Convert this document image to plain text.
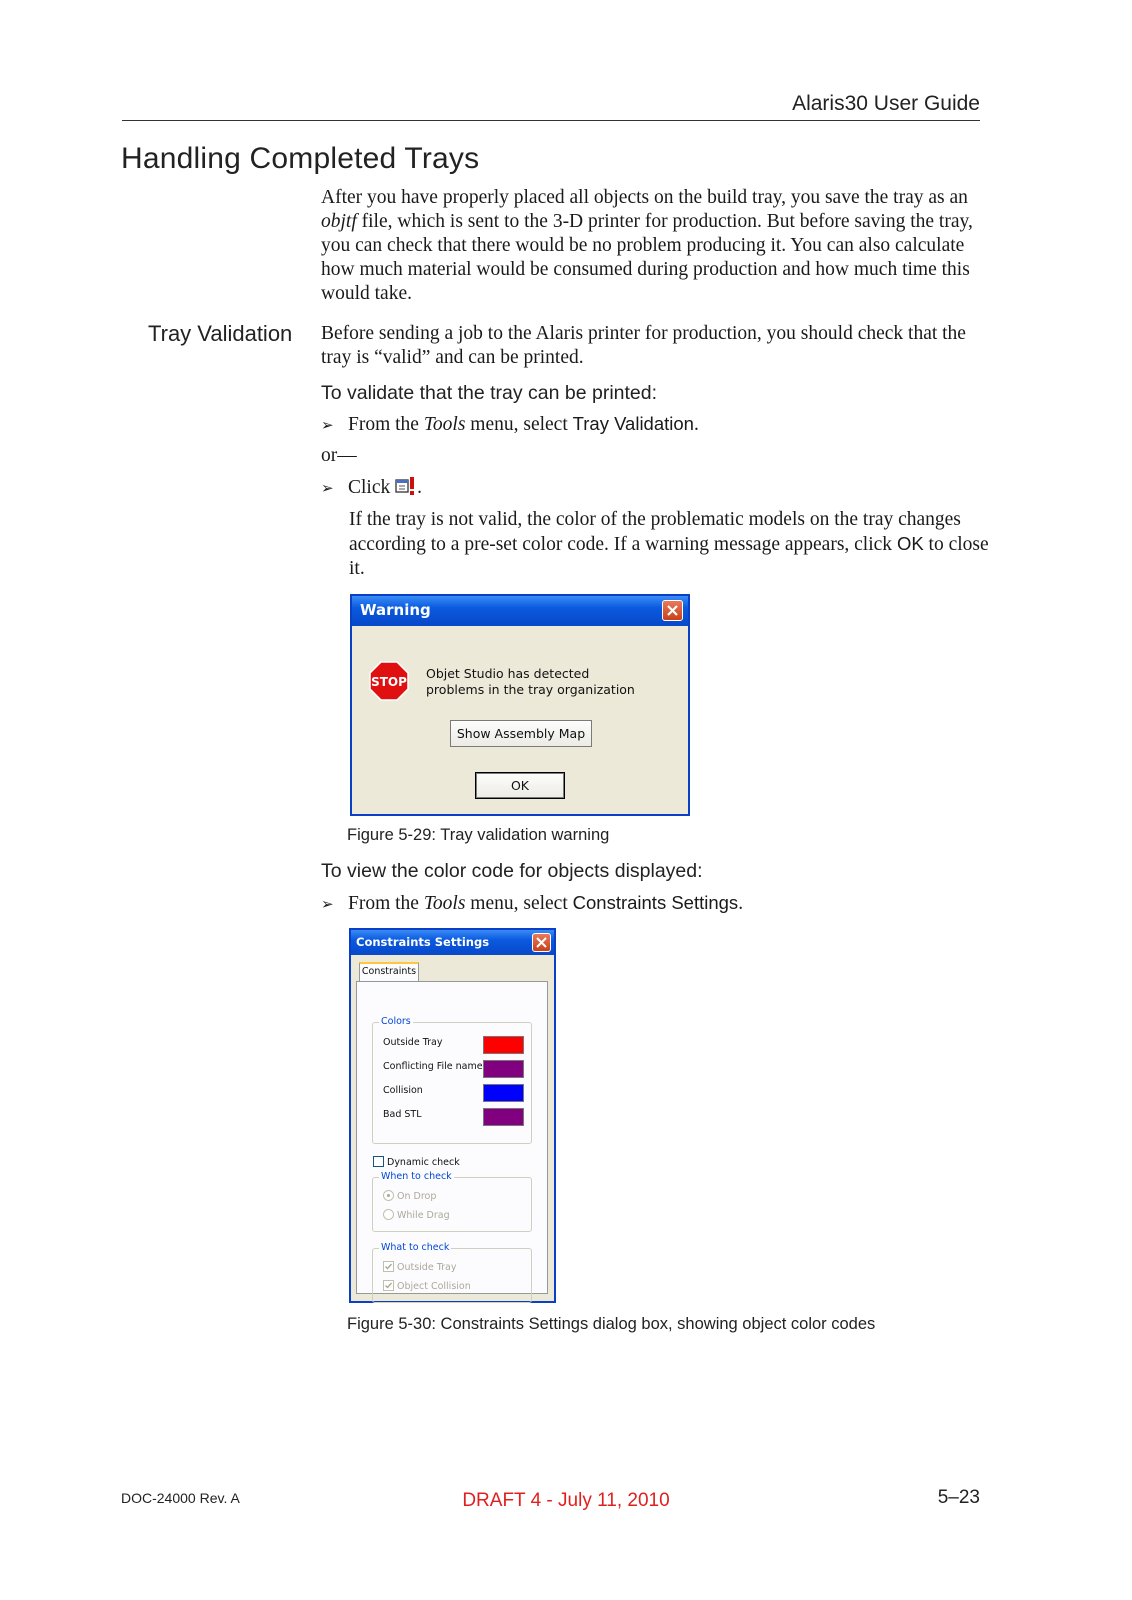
Alaris30 User Guide
Handling Completed Trays

After you have properly placed all objects on the build tray, you save the tray as an objtf file, which is sent to the 3-D printer for production. But before saving the tray, you can check that there would be no problem producing it. You can also calculate how much material would be consumed during production and how much time this would take.

Tray Validation Before sending a job to the Alaris printer for production, you should check that the tray is “valid” and can be printed.

To validate that the tray can be printed:
➢ From the Tools menu, select Tray Validation.
or—
➢ Click .

If the tray is not valid, the color of the problematic models on the tray changes according to a pre-set color code. If a warning message appears, click OK to close it.

Warning
STOP
Objet Studio has detected
problems in the tray organization
Show Assembly Map
OK
Figure 5-29: Tray validation warning
To view the color code for objects displayed:
➢ From the Tools menu, select Constraints Settings.
Constraints Settings
Constraints
Colors
Outside Tray
Conflicting File name
Collision
Bad STL
Dynamic check
When to check
On Drop
While Drag
What to check
Outside Tray
Object Collision
Figure 5-30: Constraints Settings dialog box, showing object color codes
DOC-24000 Rev. A	DRAFT 4 - July 11, 2010	5–23
